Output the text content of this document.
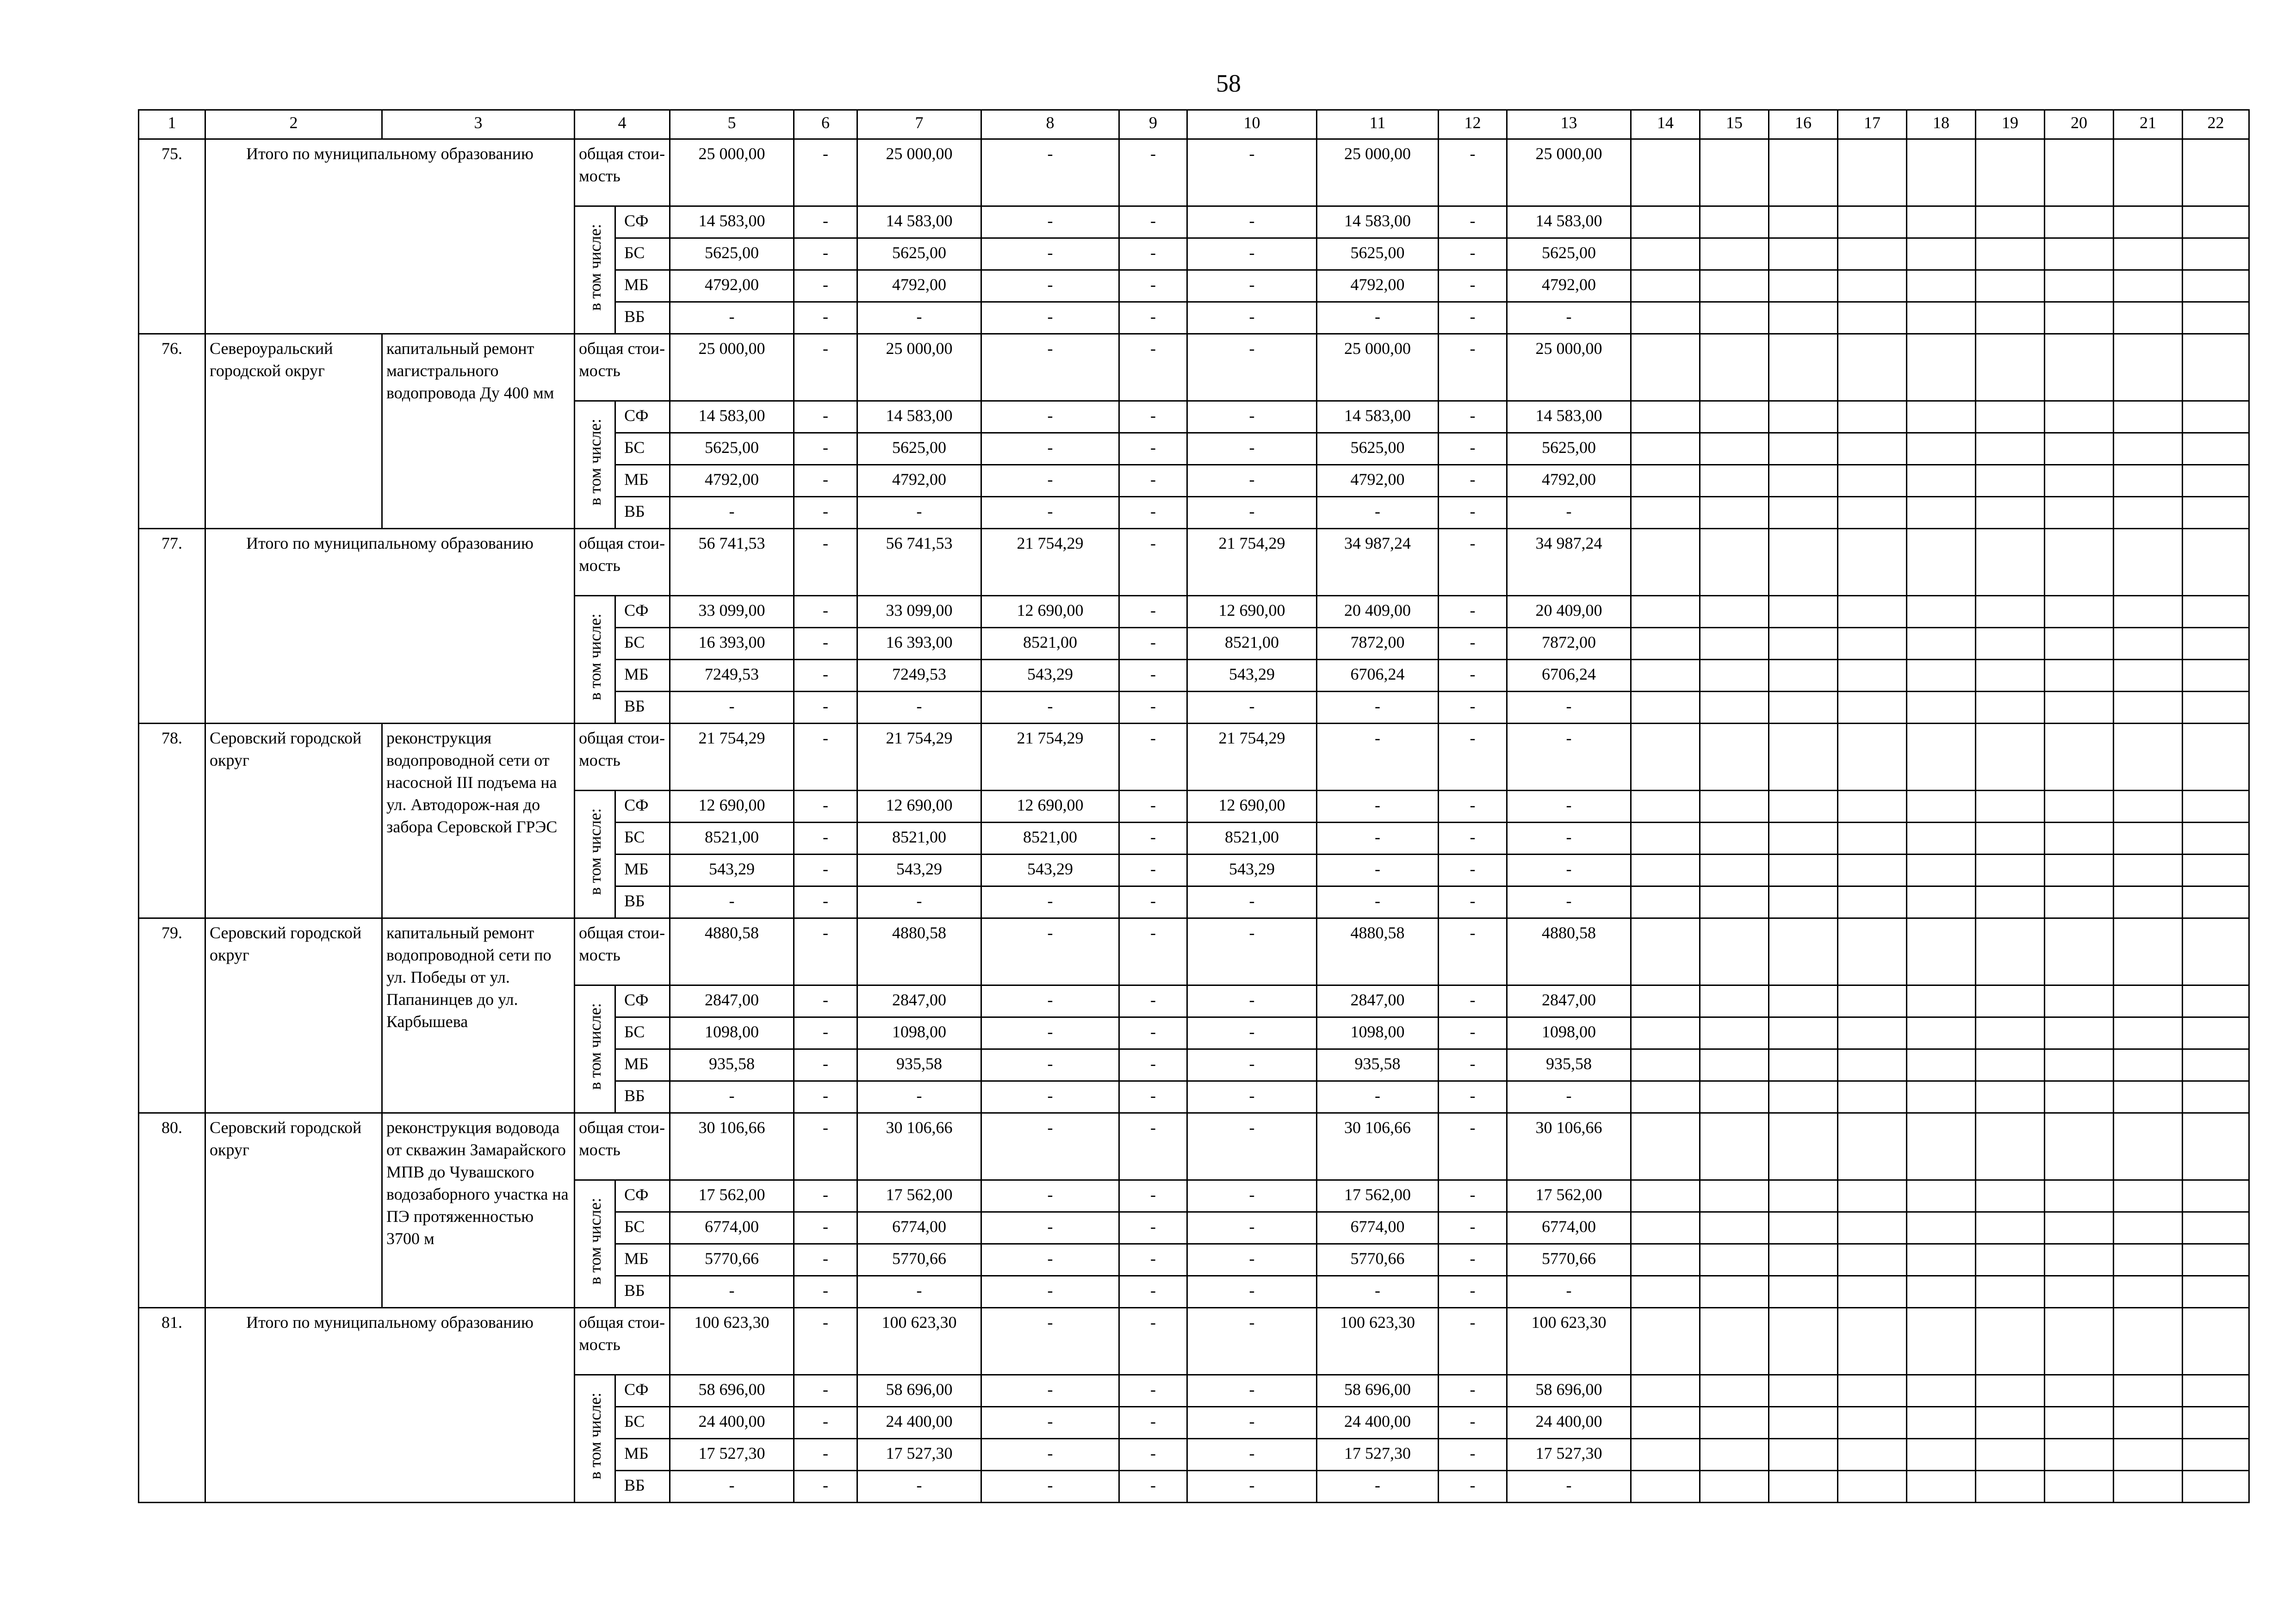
58
1	2	3	4		5	6	7	8	9	10	11	12	13	14	15	16	17	18	19	20	21	22
75.	Итого по муниципальному образованию		общая стои-мость		25 000,00	-	25 000,00	-	-	-	25 000,00	-	25 000,00									
			в том числе:	СФ	14 583,00	-	14 583,00	-	-	-	14 583,00	-	14 583,00									
				БС	5625,00	-	5625,00	-	-	-	5625,00	-	5625,00									
				МБ	4792,00	-	4792,00	-	-	-	4792,00	-	4792,00									
				ВБ	-	-	-	-	-	-	-	-	-									
76.	Североуральский городской округ	капитальный ремонт магистрального водопровода Ду 400 мм	общая стои-мость		25 000,00	-	25 000,00	-	-	-	25 000,00	-	25 000,00									
			в том числе:	СФ	14 583,00	-	14 583,00	-	-	-	14 583,00	-	14 583,00									
				БС	5625,00	-	5625,00	-	-	-	5625,00	-	5625,00									
				МБ	4792,00	-	4792,00	-	-	-	4792,00	-	4792,00									
				ВБ	-	-	-	-	-	-	-	-	-									
77.	Итого по муниципальному образованию		общая стои-мость		56 741,53	-	56 741,53	21 754,29	-	21 754,29	34 987,24	-	34 987,24									
			в том числе:	СФ	33 099,00	-	33 099,00	12 690,00	-	12 690,00	20 409,00	-	20 409,00									
				БС	16 393,00	-	16 393,00	8521,00	-	8521,00	7872,00	-	7872,00									
				МБ	7249,53	-	7249,53	543,29	-	543,29	6706,24	-	6706,24									
				ВБ	-	-	-	-	-	-	-	-	-									
78.	Серовский городской округ	реконструкция водопроводной сети от насосной III подъема на ул. Автодорож-ная до забора Серовской ГРЭС	общая стои-мость		21 754,29	-	21 754,29	21 754,29	-	21 754,29	-	-	-									
			в том числе:	СФ	12 690,00	-	12 690,00	12 690,00	-	12 690,00	-	-	-									
				БС	8521,00	-	8521,00	8521,00	-	8521,00	-	-	-									
				МБ	543,29	-	543,29	543,29	-	543,29	-	-	-									
				ВБ	-	-	-	-	-	-	-	-	-									
79.	Серовский городской округ	капитальный ремонт водопроводной сети по ул. Победы от ул. Папанинцев до ул. Карбышева	общая стои-мость		4880,58	-	4880,58	-	-	-	4880,58	-	4880,58									
			в том числе:	СФ	2847,00	-	2847,00	-	-	-	2847,00	-	2847,00									
				БС	1098,00	-	1098,00	-	-	-	1098,00	-	1098,00									
				МБ	935,58	-	935,58	-	-	-	935,58	-	935,58									
				ВБ	-	-	-	-	-	-	-	-	-									
80.	Серовский городской округ	реконструкция водовода от скважин Замарайского МПВ до Чувашского водозаборного участка на ПЭ протяженностью 3700 м	общая стои-мость		30 106,66	-	30 106,66	-	-	-	30 106,66	-	30 106,66									
			в том числе:	СФ	17 562,00	-	17 562,00	-	-	-	17 562,00	-	17 562,00									
				БС	6774,00	-	6774,00	-	-	-	6774,00	-	6774,00									
				МБ	5770,66	-	5770,66	-	-	-	5770,66	-	5770,66									
				ВБ	-	-	-	-	-	-	-	-	-									
81.	Итого по муниципальному образованию		общая стои-мость		100 623,30	-	100 623,30	-	-	-	100 623,30	-	100 623,30									
			в том числе:	СФ	58 696,00	-	58 696,00	-	-	-	58 696,00	-	58 696,00									
				БС	24 400,00	-	24 400,00	-	-	-	24 400,00	-	24 400,00									
				МБ	17 527,30	-	17 527,30	-	-	-	17 527,30	-	17 527,30									
				ВБ	-	-	-	-	-	-	-	-	-									
